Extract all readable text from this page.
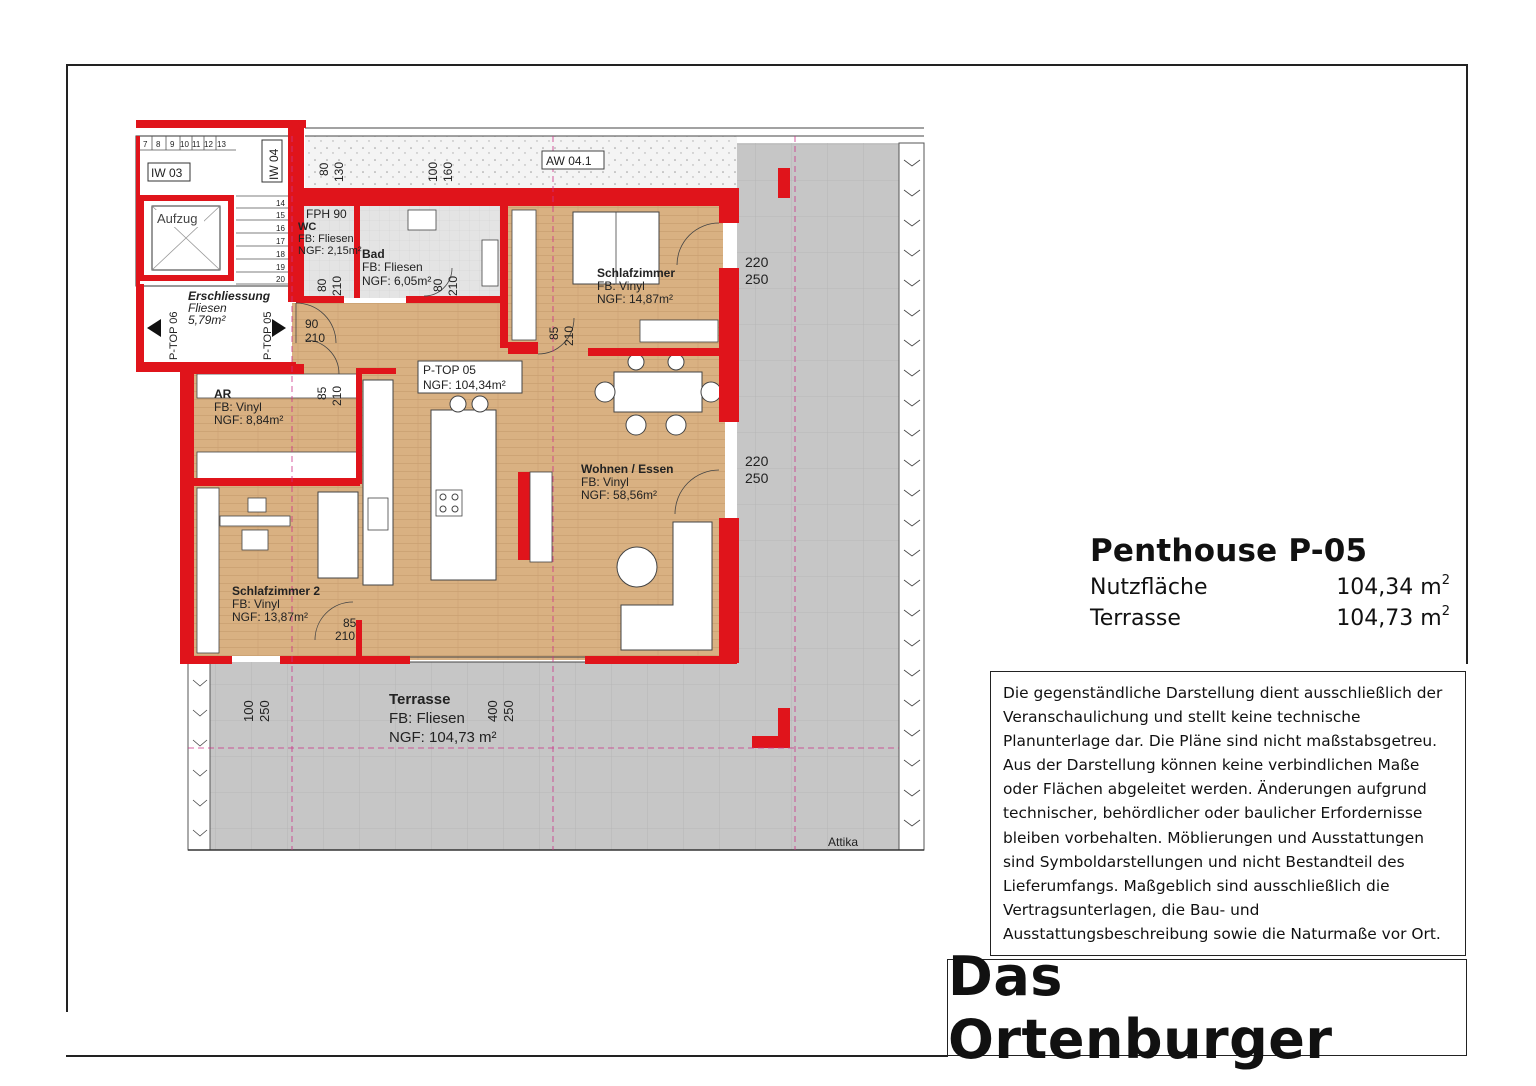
7 8 9 10 11 12 13
14
15
16
17
18
19
20
IW 03	IW 04
Aufzug	FPH 90
WC
FB: Fliesen
NGF: 2,15m² Bad
FB: Fliesen
NGF: 6,05m²
Schlafzimmer
FB: Vinyl
NGF: 14,87m²
Erschliessung
Fliesen
5,79m²
AR
FB: Vinyl
NGF: 8,84m²
Wohnen / Essen
FB: Vinyl
NGF: 58,56m²
Schlafzimmer 2
FB: Vinyl
NGF: 13,87m²
Terrasse
FB: Fliesen
NGF: 104,73 m²
P-TOP 05
NGF: 104,34m²
AW 04.1
P-TOP 06	P-TOP 05
80 130	100 160
80 210	80 210
90
210
85 210
85 210
220
250
220
250
85
210
100 250	400 250
Attika
Penthouse P-05
Nutzfläche	104,34 $m^2$
Terrasse	104,73 $m^2$
Die gegenständliche Darstellung dient ausschließlich der Veranschaulichung und stellt keine technische Planunterlage dar. Die Pläne sind nicht maßstabsgetreu. Aus der Darstellung können keine verbindlichen Maße oder Flächen abgeleitet werden. Änderungen aufgrund technischer, behördlicher oder baulicher Erfordernisse bleiben vorbehalten. Möblierungen und Ausstattungen sind Symboldarstellungen und nicht Bestandteil des Lieferumfangs. Maßgeblich sind ausschließlich die Vertragsunterlagen, die Bau- und Ausstattungsbeschreibung sowie die Naturmaße vor Ort.
Das Ortenburger
